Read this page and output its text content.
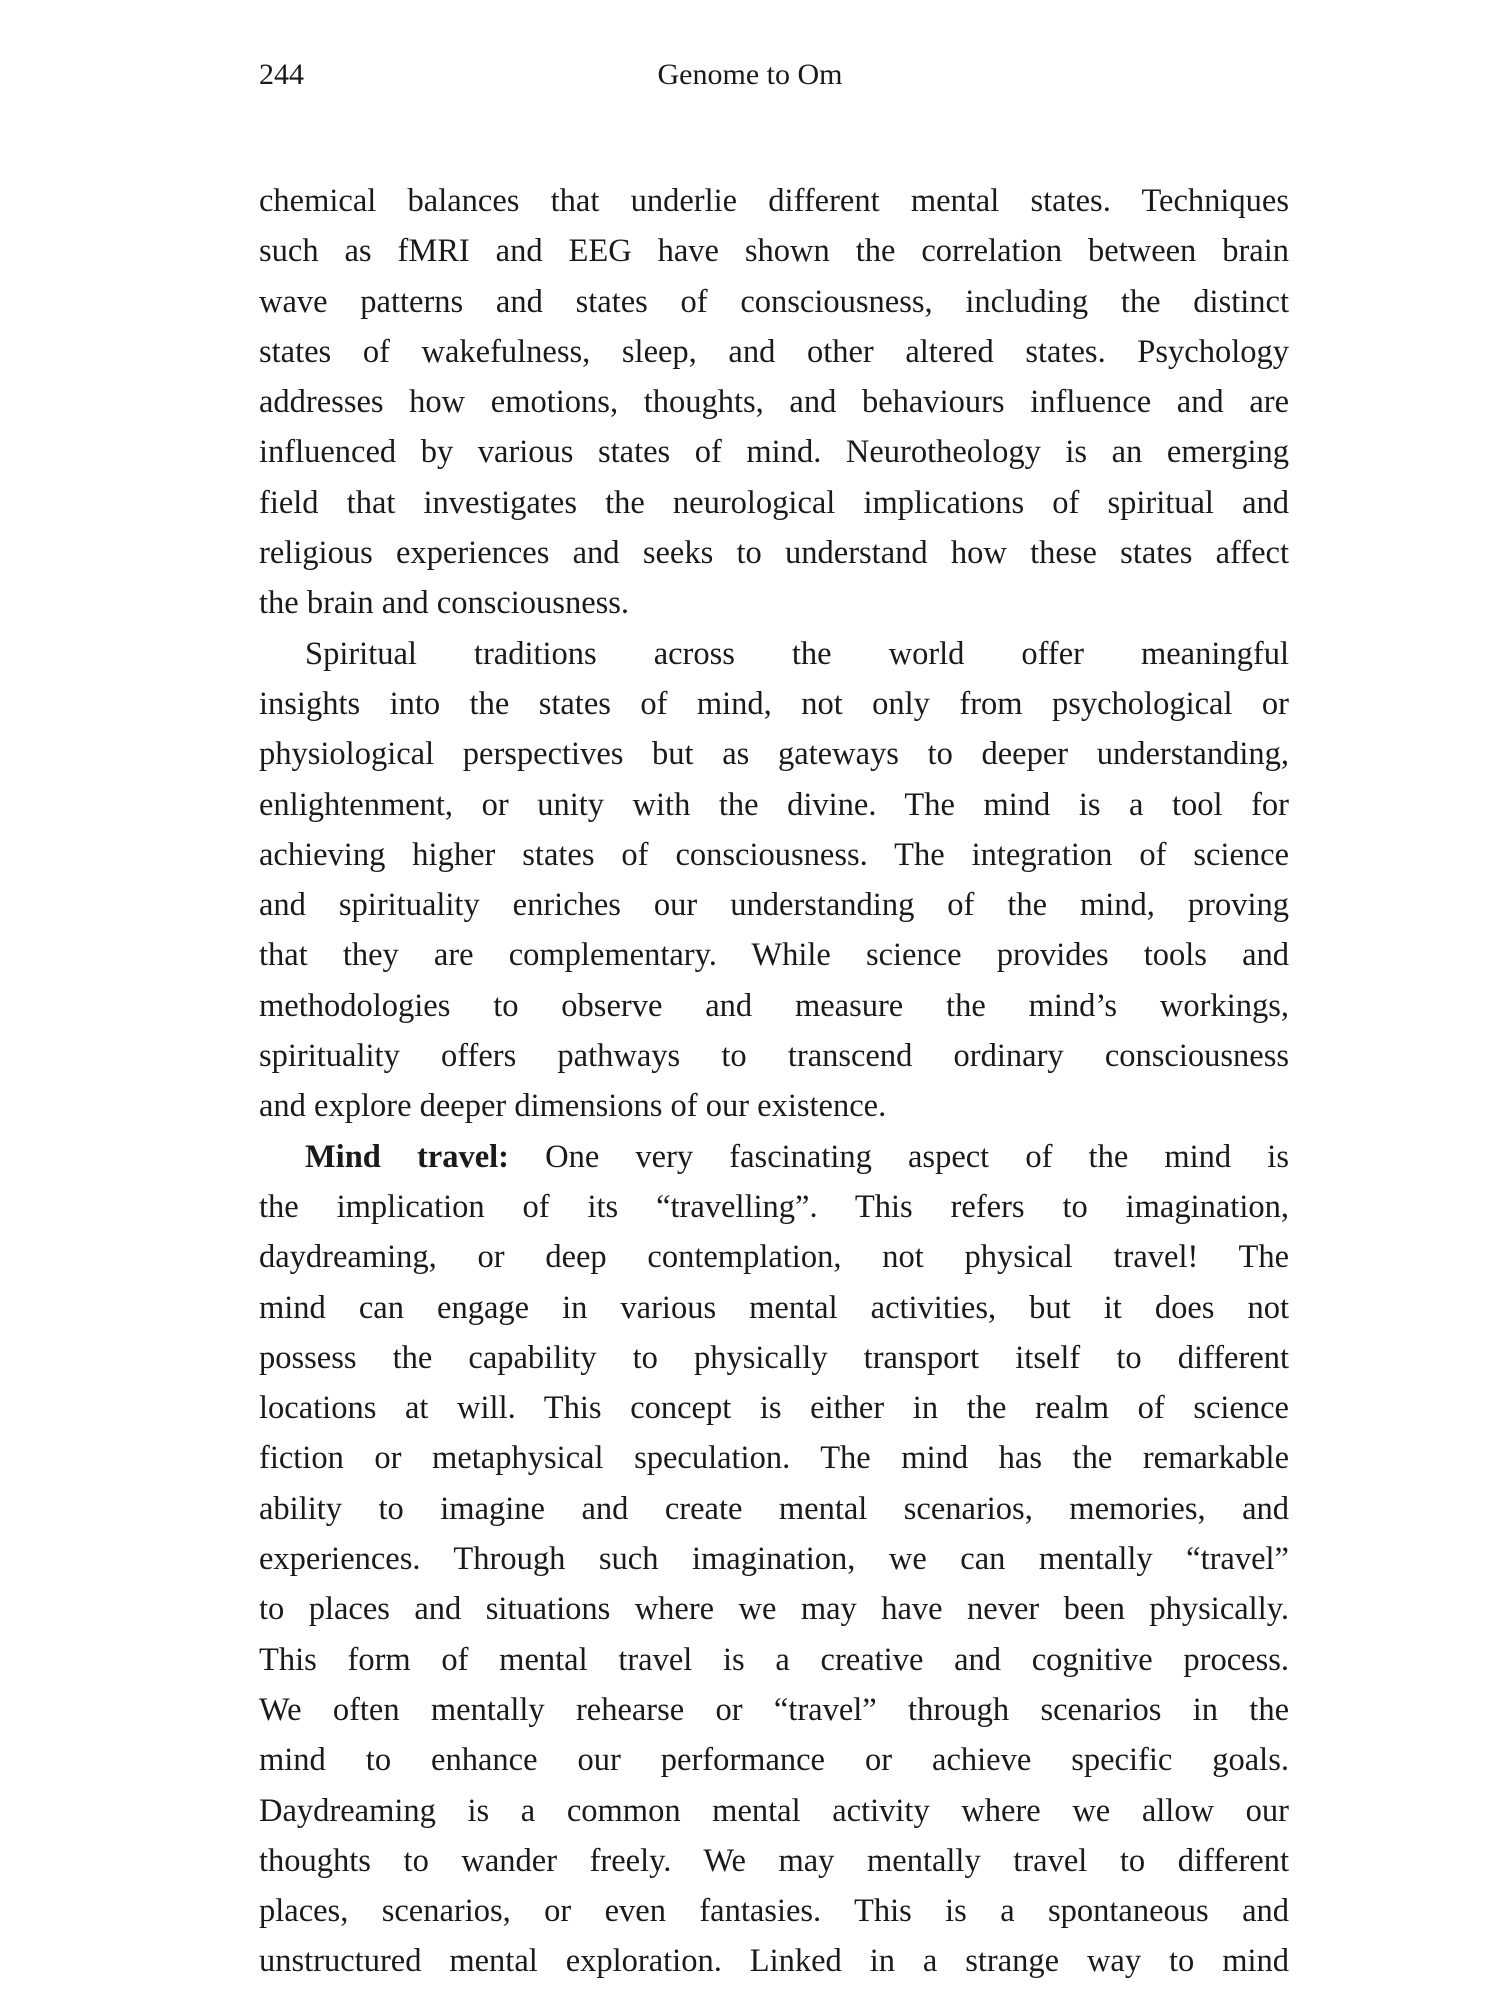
244	Genome to Om
chemical balances that underlie different mental states. Techniques
such as fMRI and EEG have shown the correlation between brain
wave patterns and states of consciousness, including the distinct
states of wakefulness, sleep, and other altered states. Psychology
addresses how emotions, thoughts, and behaviours influence and are
influenced by various states of mind. Neurotheology is an emerging
field that investigates the neurological implications of spiritual and
religious experiences and seeks to understand how these states affect
the brain and consciousness.
Spiritual traditions across the world offer meaningful
insights into the states of mind, not only from psychological or
physiological perspectives but as gateways to deeper understanding,
enlightenment, or unity with the divine. The mind is a tool for
achieving higher states of consciousness. The integration of science
and spirituality enriches our understanding of the mind, proving
that they are complementary. While science provides tools and
methodologies to observe and measure the mind’s workings,
spirituality offers pathways to transcend ordinary consciousness
and explore deeper dimensions of our existence.
Mind travel: One very fascinating aspect of the mind is
the implication of its “travelling”. This refers to imagination,
daydreaming, or deep contemplation, not physical travel! The
mind can engage in various mental activities, but it does not
possess the capability to physically transport itself to different
locations at will. This concept is either in the realm of science
fiction or metaphysical speculation. The mind has the remarkable
ability to imagine and create mental scenarios, memories, and
experiences. Through such imagination, we can mentally “travel”
to places and situations where we may have never been physically.
This form of mental travel is a creative and cognitive process.
We often mentally rehearse or “travel” through scenarios in the
mind to enhance our performance or achieve specific goals.
Daydreaming is a common mental activity where we allow our
thoughts to wander freely. We may mentally travel to different
places, scenarios, or even fantasies. This is a spontaneous and
unstructured mental exploration. Linked in a strange way to mind
